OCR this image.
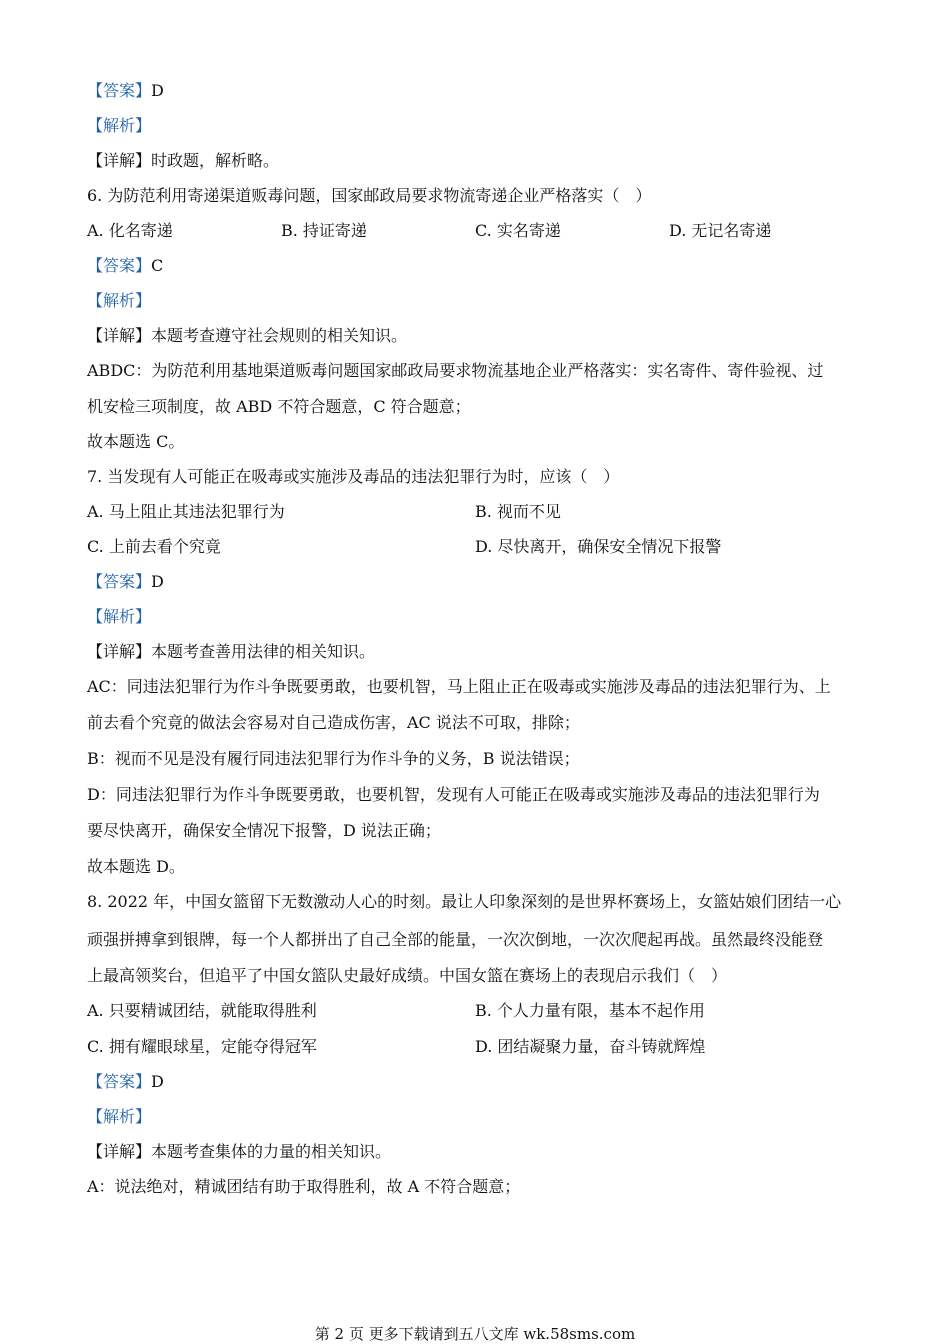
【答案】D
【解析】
【详解】时政题，解析略。
6. 为防范利用寄递渠道贩毒问题，国家邮政局要求物流寄递企业严格落实（　）
A. 化名寄递	B. 持证寄递	C. 实名寄递	D. 无记名寄递
【答案】C
【解析】
【详解】本题考查遵守社会规则的相关知识。
ABDC：为防范利用基地渠道贩毒问题国家邮政局要求物流基地企业严格落实：实名寄件、寄件验视、过
机安检三项制度，故 ABD 不符合题意，C 符合题意；
故本题选 C。
7. 当发现有人可能正在吸毒或实施涉及毒品的违法犯罪行为时，应该（　）
A. 马上阻止其违法犯罪行为	B. 视而不见
C. 上前去看个究竟	D. 尽快离开，确保安全情况下报警
【答案】D
【解析】
【详解】本题考查善用法律的相关知识。
AC：同违法犯罪行为作斗争既要勇敢，也要机智，马上阻止正在吸毒或实施涉及毒品的违法犯罪行为、上
前去看个究竟的做法会容易对自己造成伤害，AC 说法不可取，排除；
B：视而不见是没有履行同违法犯罪行为作斗争的义务，B 说法错误；
D：同违法犯罪行为作斗争既要勇敢，也要机智，发现有人可能正在吸毒或实施涉及毒品的违法犯罪行为
要尽快离开，确保安全情况下报警，D 说法正确；
故本题选 D。
8. 2022 年，中国女篮留下无数激动人心的时刻。最让人印象深刻的是世界杯赛场上，女篮姑娘们团结一心
顽强拼搏拿到银牌，每一个人都拼出了自己全部的能量，一次次倒地，一次次爬起再战。虽然最终没能登
上最高领奖台，但追平了中国女篮队史最好成绩。中国女篮在赛场上的表现启示我们（　）
A. 只要精诚团结，就能取得胜利	B. 个人力量有限，基本不起作用
C. 拥有耀眼球星，定能夺得冠军	D. 团结凝聚力量，奋斗铸就辉煌
【答案】D
【解析】
【详解】本题考查集体的力量的相关知识。
A：说法绝对，精诚团结有助于取得胜利，故 A 不符合题意；
第 2 页 更多下载请到五八文库 wk.58sms.com
